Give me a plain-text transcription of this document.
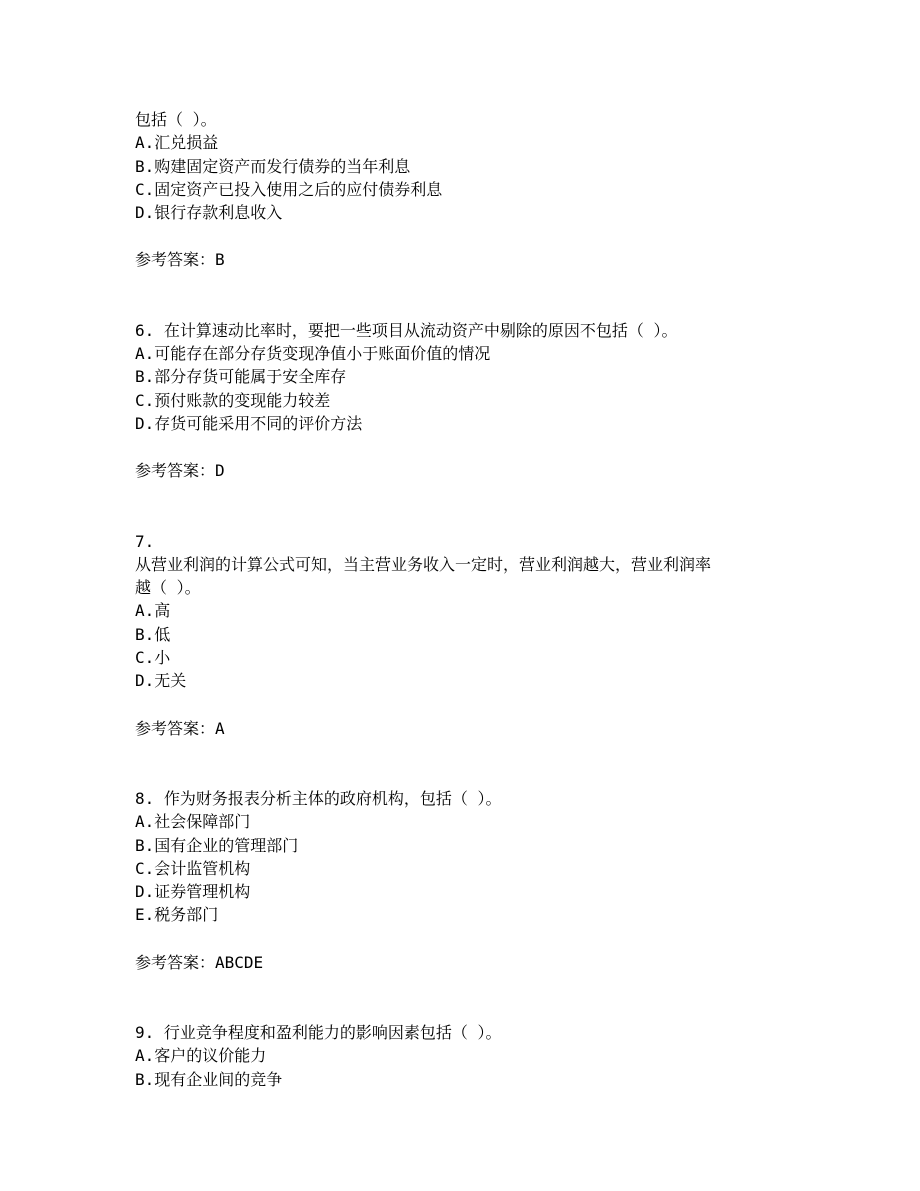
包括（ ）。
A.汇兑损益
B.购建固定资产而发行债券的当年利息
C.固定资产已投入使用之后的应付债券利息
D.银行存款利息收入
参考答案：B
6. 在计算速动比率时，要把一些项目从流动资产中剔除的原因不包括（ ）。
A.可能存在部分存货变现净值小于账面价值的情况
B.部分存货可能属于安全库存
C.预付账款的变现能力较差
D.存货可能采用不同的评价方法
参考答案：D
7.
从营业利润的计算公式可知，当主营业务收入一定时，营业利润越大，营业利润率
越（ ）。
A.高
B.低
C.小
D.无关
参考答案：A
8. 作为财务报表分析主体的政府机构，包括（ ）。
A.社会保障部门
B.国有企业的管理部门
C.会计监管机构
D.证券管理机构
E.税务部门
参考答案：ABCDE
9. 行业竞争程度和盈利能力的影响因素包括（ ）。
A.客户的议价能力
B.现有企业间的竞争
